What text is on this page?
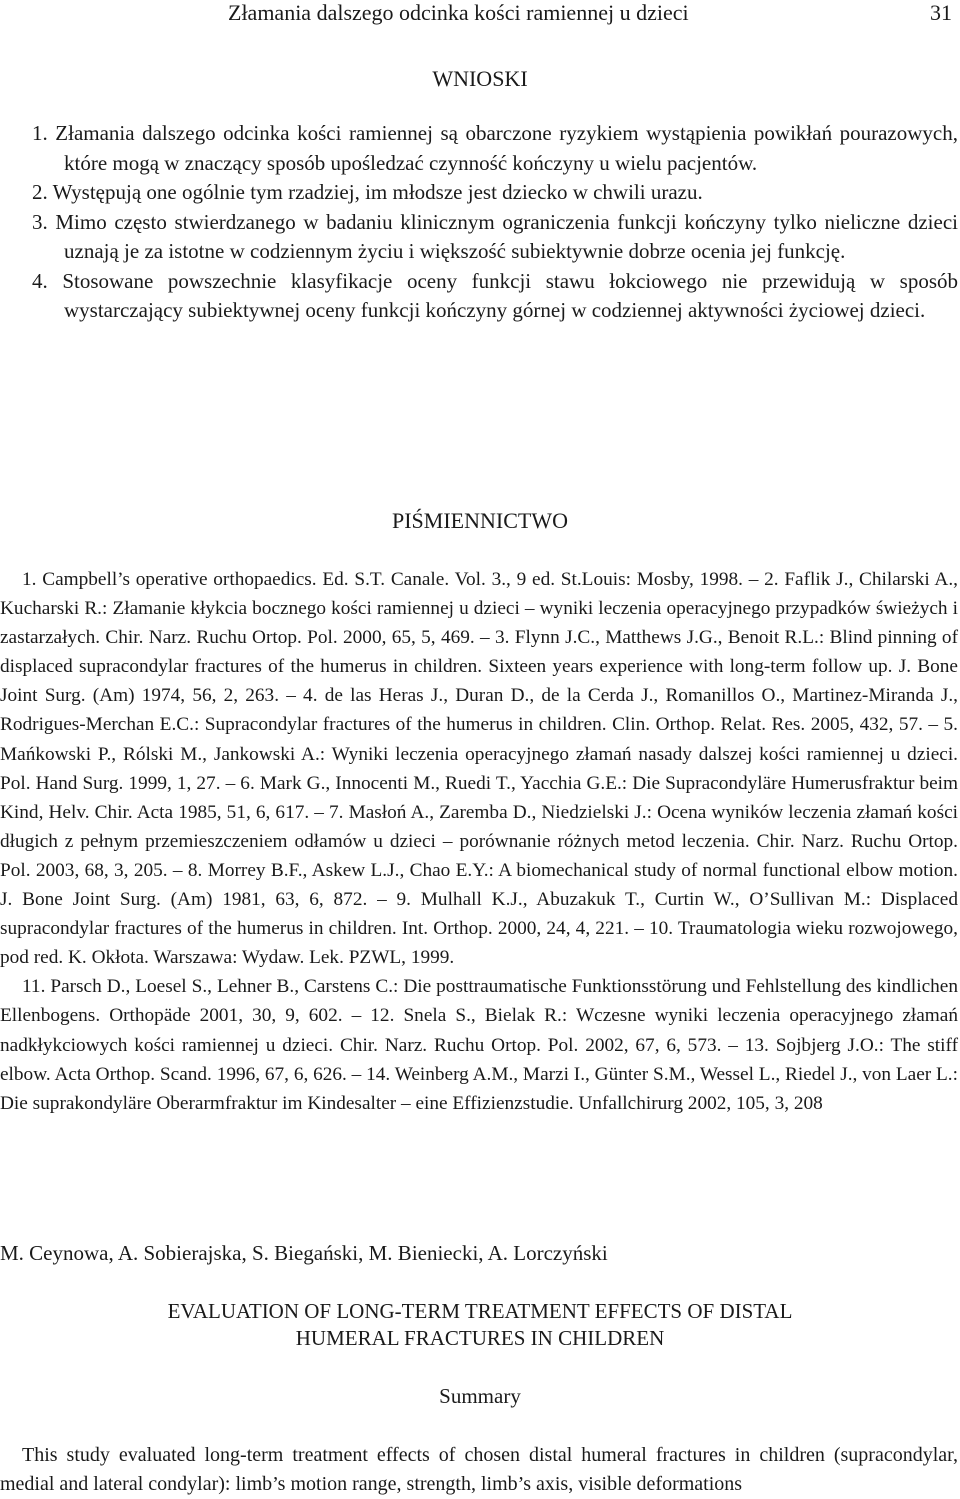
Złamania dalszego odcinka kości ramiennej u dzieci	31
WNIOSKI

1. Złamania dalszego odcinka kości ramiennej są obarczone ryzykiem wystąpienia powikłań pourazowych, które mogą w znaczący sposób upośledzać czynność kończyny u wielu pacjentów.

2. Występują one ogólnie tym rzadziej, im młodsze jest dziecko w chwili urazu.

3. Mimo często stwierdzanego w badaniu klinicznym ograniczenia funkcji kończyny tylko nieliczne dzieci uznają je za istotne w codziennym życiu i większość subiektywnie dobrze ocenia jej funkcję.

4. Stosowane powszechnie klasyfikacje oceny funkcji stawu łokciowego nie przewidują w sposób wystarczający subiektywnej oceny funkcji kończyny górnej w codziennej aktywności życiowej dzieci.

PIŚMIENNICTWO

1. Campbell’s operative orthopaedics. Ed. S.T. Canale. Vol. 3., 9 ed. St.Louis: Mosby, 1998. – 2. Faflik J., Chilarski A., Kucharski R.: Złamanie kłykcia bocznego kości ramiennej u dzieci – wyniki leczenia operacyjnego przypadków świeżych i zastarzałych. Chir. Narz. Ruchu Ortop. Pol. 2000, 65, 5, 469. – 3. Flynn J.C., Matthews J.G., Benoit R.L.: Blind pinning of displaced supracondylar fractures of the humerus in children. Sixteen years experience with long-term follow up. J. Bone Joint Surg. (Am) 1974, 56, 2, 263. – 4. de las Heras J., Duran D., de la Cerda J., Romanillos O., Martinez-Miranda J., Rodrigues-Merchan E.C.: Supracondylar fractures of the humerus in children. Clin. Orthop. Relat. Res. 2005, 432, 57. – 5. Mańkowski P., Rólski M., Jankowski A.: Wyniki leczenia operacyjnego złamań nasady dalszej kości ramiennej u dzieci. Pol. Hand Surg. 1999, 1, 27. – 6. Mark G., Innocenti M., Ruedi T., Yacchia G.E.: Die Supracondyläre Humerusfraktur beim Kind, Helv. Chir. Acta 1985, 51, 6, 617. – 7. Masłoń A., Zaremba D., Niedzielski J.: Ocena wyników leczenia złamań kości długich z pełnym przemieszczeniem odłamów u dzieci – porównanie różnych metod leczenia. Chir. Narz. Ruchu Ortop. Pol. 2003, 68, 3, 205. – 8. Morrey B.F., Askew L.J., Chao E.Y.: A biomechanical study of normal functional elbow motion. J. Bone Joint Surg. (Am) 1981, 63, 6, 872. – 9. Mulhall K.J., Abuzakuk T., Curtin W., O’Sullivan M.: Displaced supracondylar fractures of the humerus in children. Int. Orthop. 2000, 24, 4, 221. – 10. Traumatologia wieku rozwojowego, pod red. K. Okłota. Warszawa: Wydaw. Lek. PZWL, 1999.

11. Parsch D., Loesel S., Lehner B., Carstens C.: Die posttraumatische Funktionsstörung und Fehlstellung des kindlichen Ellenbogens. Orthopäde 2001, 30, 9, 602. – 12. Snela S., Bielak R.: Wczesne wyniki leczenia operacyjnego złamań nadkłykciowych kości ramiennej u dzieci. Chir. Narz. Ruchu Ortop. Pol. 2002, 67, 6, 573. – 13. Sojbjerg J.O.: The stiff elbow. Acta Orthop. Scand. 1996, 67, 6, 626. – 14. Weinberg A.M., Marzi I., Günter S.M., Wessel L., Riedel J., von Laer L.: Die suprakondyläre Oberarmfraktur im Kindesalter – eine Effizienzstudie. Unfallchirurg 2002, 105, 3, 208

M. Ceynowa, A. Sobierajska, S. Biegański, M. Bieniecki, A. Lorczyński
EVALUATION OF LONG-TERM TREATMENT EFFECTS OF DISTAL
HUMERAL FRACTURES IN CHILDREN
Summary

This study evaluated long-term treatment effects of chosen distal humeral fractures in children (supracondylar, medial and lateral condylar): limb’s motion range, strength, limb’s axis, visible deformations
